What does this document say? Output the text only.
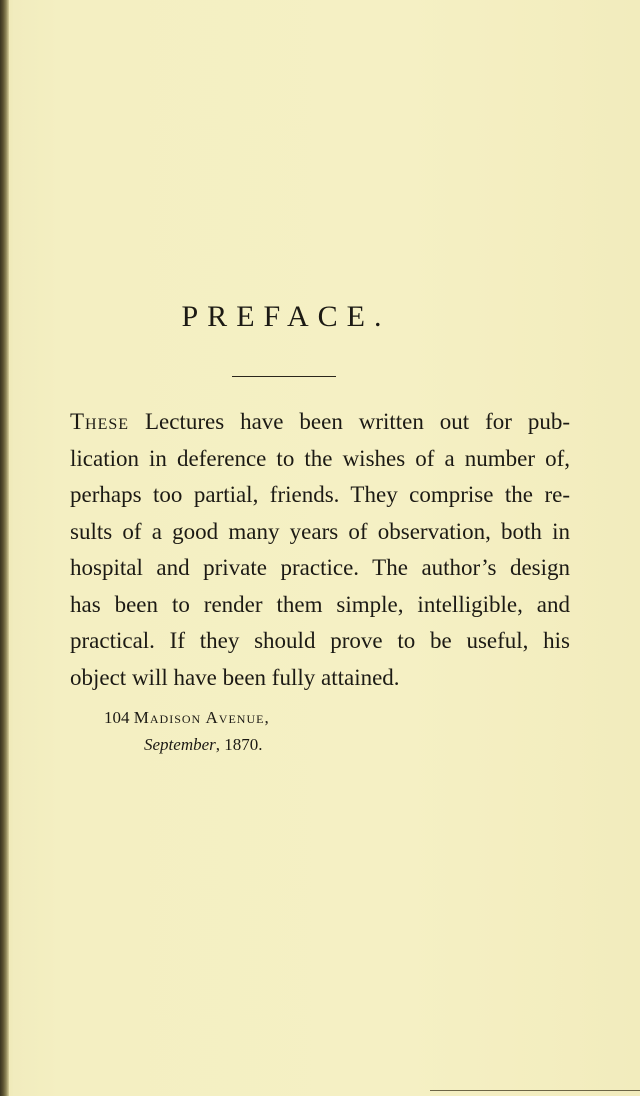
PREFACE.
These Lectures have been written out for pub-
lication in deference to the wishes of a number of,
perhaps too partial, friends. They comprise the re-
sults of a good many years of observation, both in
hospital and private practice. The author’s design
has been to render them simple, intelligible, and
practical. If they should prove to be useful, his
object will have been fully attained.
104 Madison Avenue,
September, 1870.
